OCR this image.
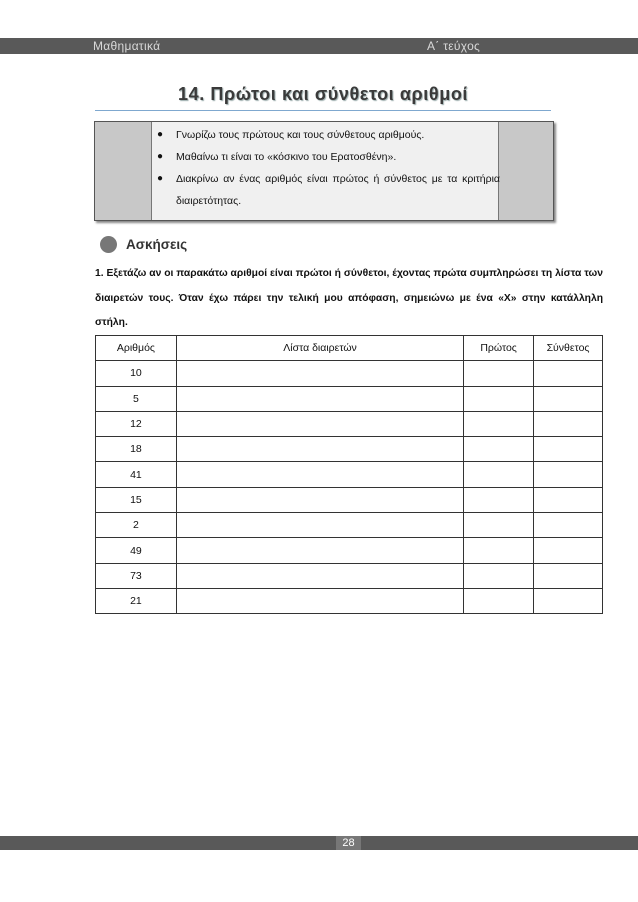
Μαθηματικά	Α΄ τεύχος
14. Πρώτοι και σύνθετοι αριθμοί
● Γνωρίζω τους πρώτους και τους σύνθετους αριθμούς.
● Μαθαίνω τι είναι το «κόσκινο του Ερατοσθένη».
● Διακρίνω αν ένας αριθμός είναι πρώτος ή σύνθετος με τα κριτήρια διαιρετότητας.
Ασκήσεις
1. Εξετάζω αν οι παρακάτω αριθμοί είναι πρώτοι ή σύνθετοι, έχοντας πρώτα συμπληρώσει τη λίστα των διαιρετών τους. Όταν έχω πάρει την τελική μου απόφαση, σημειώνω με ένα «Χ» στην κατάλληλη στήλη.
Αριθμός	Λίστα διαιρετών	Πρώτος	Σύνθετος
10			
5			
12			
18			
41			
15			
2			
49			
73			
21			
28
